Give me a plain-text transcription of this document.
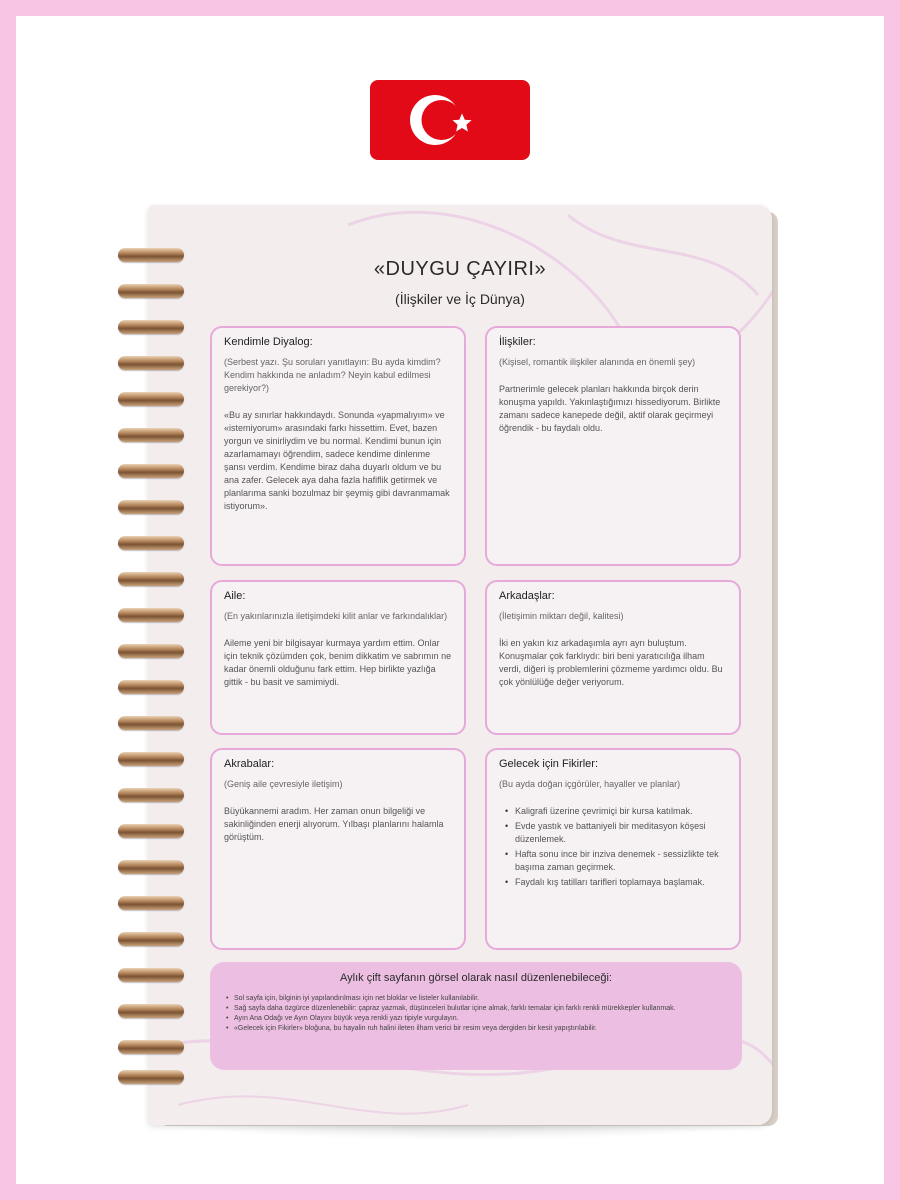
«DUYGU ÇAYIRI»
(İlişkiler ve İç Dünya)
Kendimle Diyalog:
(Serbest yazı. Şu soruları yanıtlayın: Bu ayda kimdim? Kendim hakkında ne anladım? Neyin kabul edilmesi gerekiyor?)
«Bu ay sınırlar hakkındaydı. Sonunda «yapmalıyım» ve «istemiyorum» arasındaki farkı hissettim. Evet, bazen yorgun ve sinirliydim ve bu normal. Kendimi bunun için azarlamamayı öğrendim, sadece kendime dinlenme şansı verdim. Kendime biraz daha duyarlı oldum ve bu ana zafer. Gelecek aya daha fazla hafiflik getirmek ve planlarıma sanki bozulmaz bir şeymiş gibi davranmamak istiyorum».
İlişkiler:
(Kişisel, romantik ilişkiler alanında en önemli şey)
Partnerimle gelecek planları hakkında birçok derin konuşma yapıldı. Yakınlaştığımızı hissediyorum. Birlikte zamanı sadece kanepede değil, aktif olarak geçirmeyi öğrendik - bu faydalı oldu.
Aile:
(En yakınlarınızla iletişimdeki kilit anlar ve farkındalıklar)
Aileme yeni bir bilgisayar kurmaya yardım ettim. Onlar için teknik çözümden çok, benim dikkatim ve sabrımın ne kadar önemli olduğunu fark ettim. Hep birlikte yazlığa gittik - bu basit ve samimiydi.
Arkadaşlar:
(İletişimin miktarı değil, kalitesi)
İki en yakın kız arkadaşımla ayrı ayrı buluştum. Konuşmalar çok farklıydı: biri beni yaratıcılığa ilham verdi, diğeri iş problemlerini çözmeme yardımcı oldu. Bu çok yönlülüğe değer veriyorum.
Akrabalar:
(Geniş aile çevresiyle iletişim)
Büyükannemi aradım. Her zaman onun bilgeliği ve sakinliğinden enerji alıyorum. Yılbaşı planlarını halamla görüştüm.
Gelecek için Fikirler:
(Bu ayda doğan içgörüler, hayaller ve planlar)
• Kaligrafi üzerine çevrimiçi bir kursa katılmak.
• Evde yastık ve battaniyeli bir meditasyon köşesi düzenlemek.
• Hafta sonu ince bir inziva denemek - sessizlikte tek başıma zaman geçirmek.
• Faydalı kış tatilları tarifleri toplamaya başlamak.
Aylık çift sayfanın görsel olarak nasıl düzenlenebileceği:
• Sol sayfa için, bilginin iyi yapılandırılması için net bloklar ve listeler kullanılabilir.
• Sağ sayfa daha özgürce düzenlenebilir: çapraz yazmak, düşünceleri bulutlar içine almak, farklı temalar için farklı renkli mürekkepler kullanmak.
• Ayın Ana Odağı ve Ayın Olayını büyük veya renkli yazı tipiyle vurgulayın.
• «Gelecek için Fikirler» bloğuna, bu hayalin ruh halini ileten ilham verici bir resim veya dergiden bir kesit yapıştırılabilir.
